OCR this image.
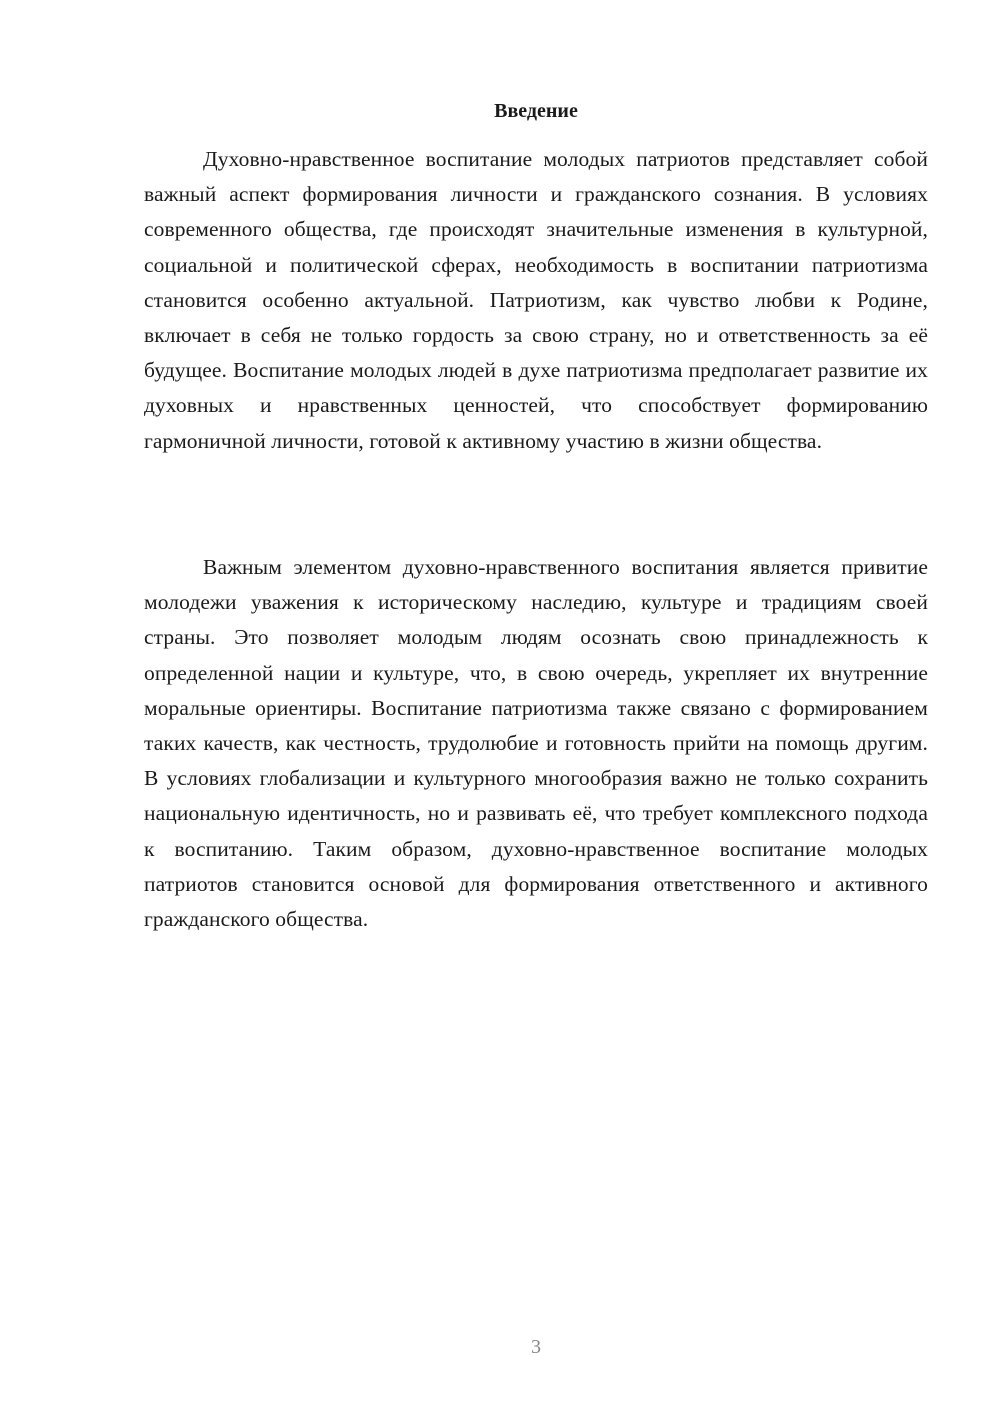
Введение

Духовно-нравственное воспитание молодых патриотов представляет собой важный аспект формирования личности и гражданского сознания. В условиях современного общества, где происходят значительные изменения в культурной, социальной и политической сферах, необходимость в воспитании патриотизма становится особенно актуальной. Патриотизм, как чувство любви к Родине, включает в себя не только гордость за свою страну, но и ответственность за её будущее. Воспитание молодых людей в духе патриотизма предполагает развитие их духовных и нравственных ценностей, что способствует формированию гармоничной личности, готовой к активному участию в жизни общества.

Важным элементом духовно-нравственного воспитания является привитие молодежи уважения к историческому наследию, культуре и традициям своей страны. Это позволяет молодым людям осознать свою принадлежность к определенной нации и культуре, что, в свою очередь, укрепляет их внутренние моральные ориентиры. Воспитание патриотизма также связано с формированием таких качеств, как честность, трудолюбие и готовность прийти на помощь другим. В условиях глобализации и культурного многообразия важно не только сохранить национальную идентичность, но и развивать её, что требует комплексного подхода к воспитанию. Таким образом, духовно-нравственное воспитание молодых патриотов становится основой для формирования ответственного и активного гражданского общества.

3
